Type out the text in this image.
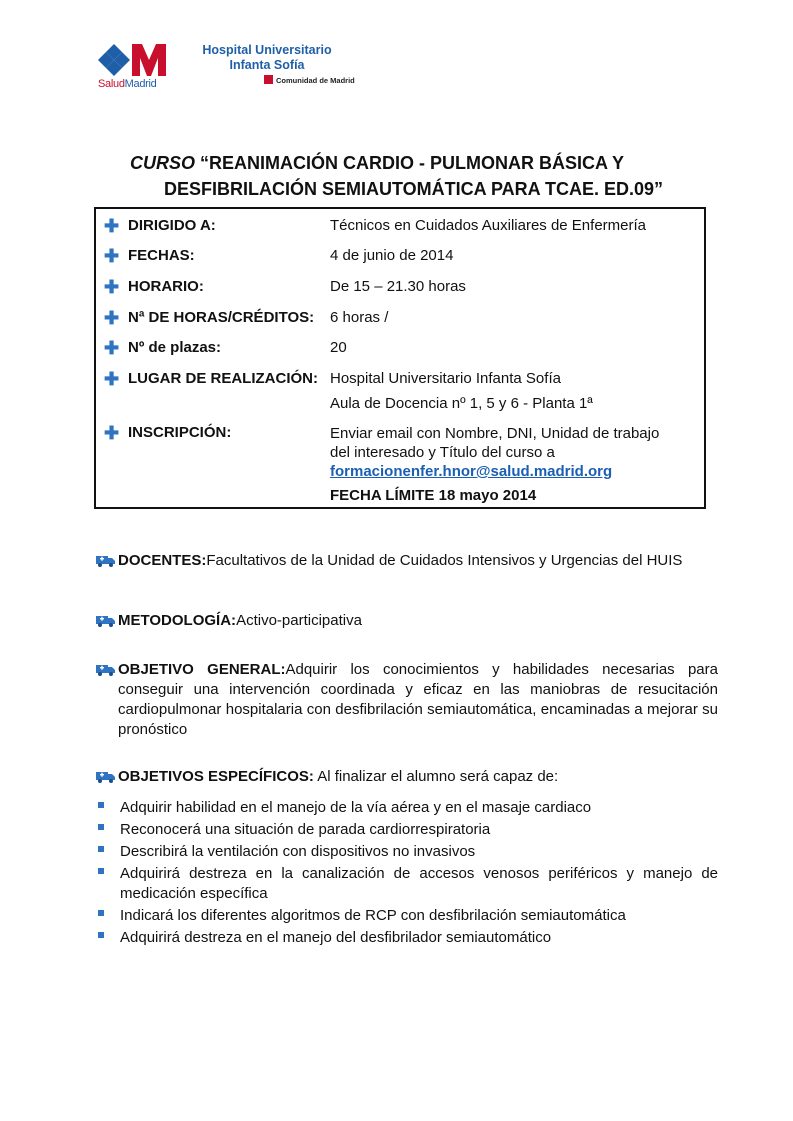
SaludMadrid
Hospital Universitario
Infanta Sofía
Comunidad de Madrid
CURSO “REANIMACIÓN CARDIO - PULMONAR BÁSICA Y
DESFIBRILACIÓN SEMIAUTOMÁTICA PARA TCAE. ED.09”
✚ DIRIGIDO A:	Técnicos en Cuidados Auxiliares de Enfermería
✚ FECHAS:	4 de junio de 2014
✚ HORARIO:	De 15 – 21.30 horas
✚ Nª DE HORAS/CRÉDITOS: 6 horas /
✚ Nº de plazas:	20
✚ LUGAR DE REALIZACIÓN: Hospital Universitario Infanta Sofía
Aula de Docencia nº 1, 5 y 6 - Planta 1ª
✚ INSCRIPCIÓN:	Enviar email con Nombre, DNI, Unidad de trabajo del interesado y Título del curso a
formacionenfer.hnor@salud.madrid.org
FECHA LÍMITE 18 mayo 2014
DOCENTES:Facultativos de la Unidad de Cuidados Intensivos y Urgencias del HUIS
METODOLOGÍA:Activo-participativa
OBJETIVO GENERAL:Adquirir los conocimientos y habilidades necesarias para conseguir una intervención coordinada y eficaz en las maniobras de resucitación cardiopulmonar hospitalaria con desfibrilación semiautomática, encaminadas a mejorar su pronóstico
OBJETIVOS ESPECÍFICOS: Al finalizar el alumno será capaz de:
Adquirir habilidad en el manejo de la vía aérea y en el masaje cardiaco
Reconocerá una situación de parada cardiorrespiratoria
Describirá la ventilación con dispositivos no invasivos
Adquirirá destreza en la canalización de accesos venosos periféricos y manejo de medicación específica
Indicará los diferentes algoritmos de RCP con desfibrilación semiautomática
Adquirirá destreza en el manejo del desfibrilador semiautomático
